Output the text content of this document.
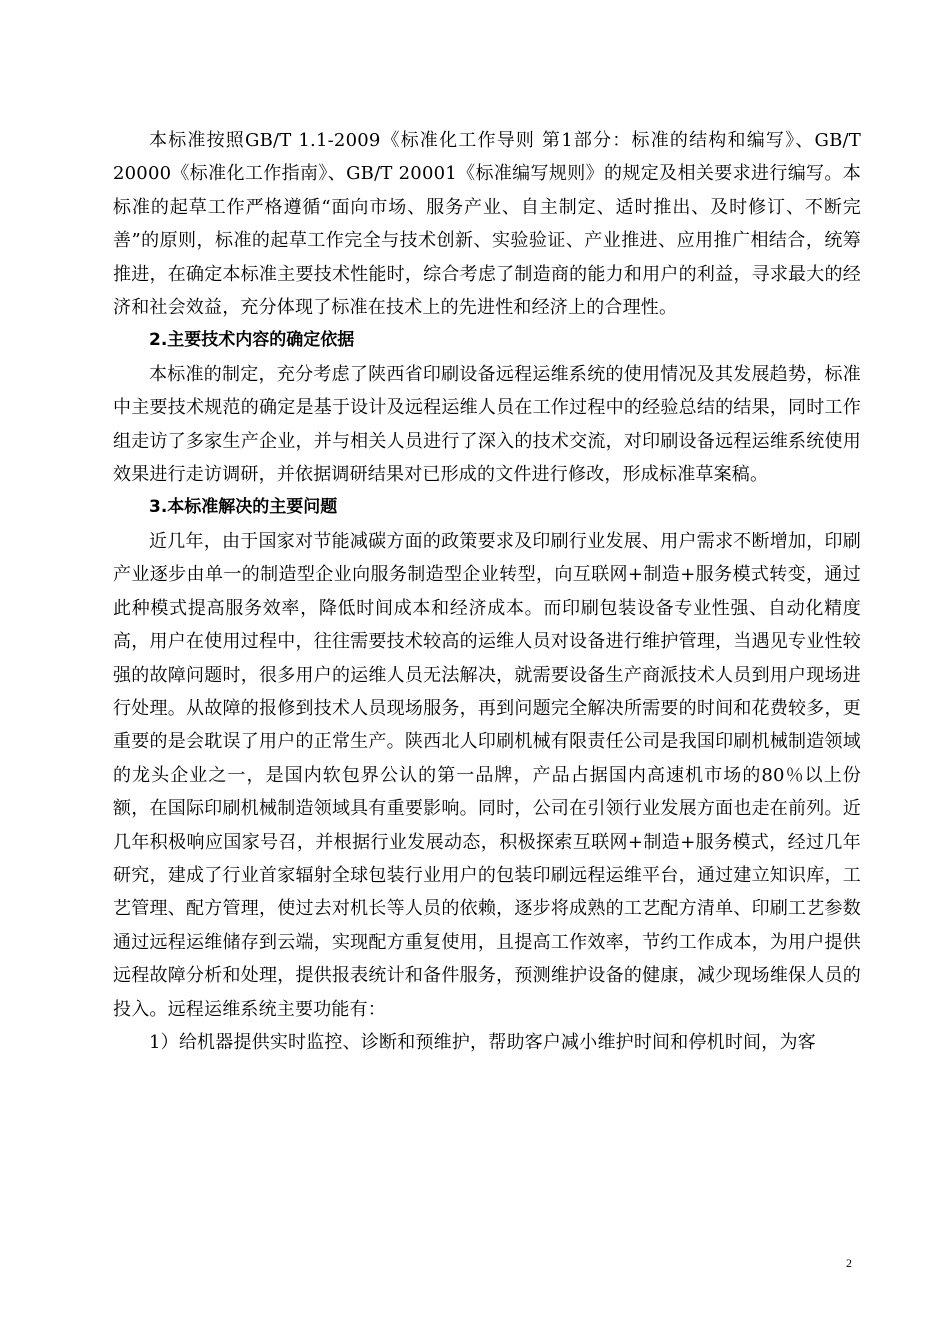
本标准按照GB/T 1.1-2009《标准化工作导则 第1部分：标准的结构和编写》、GB/T 20000《标准化工作指南》、GB/T 20001《标准编写规则》的规定及相关要求进行编写。本标准的起草工作严格遵循“面向市场、服务产业、自主制定、适时推出、及时修订、不断完善”的原则，标准的起草工作完全与技术创新、实验验证、产业推进、应用推广相结合，统筹推进，在确定本标准主要技术性能时，综合考虑了制造商的能力和用户的利益，寻求最大的经济和社会效益，充分体现了标准在技术上的先进性和经济上的合理性。

2.主要技术内容的确定依据

本标准的制定，充分考虑了陕西省印刷设备远程运维系统的使用情况及其发展趋势，标准中主要技术规范的确定是基于设计及远程运维人员在工作过程中的经验总结的结果，同时工作组走访了多家生产企业，并与相关人员进行了深入的技术交流，对印刷设备远程运维系统使用效果进行走访调研，并依据调研结果对已形成的文件进行修改，形成标准草案稿。

3.本标准解决的主要问题

近几年，由于国家对节能减碳方面的政策要求及印刷行业发展、用户需求不断增加，印刷产业逐步由单一的制造型企业向服务制造型企业转型，向互联网+制造+服务模式转变，通过此种模式提高服务效率，降低时间成本和经济成本。而印刷包装设备专业性强、自动化精度高，用户在使用过程中，往往需要技术较高的运维人员对设备进行维护管理，当遇见专业性较强的故障问题时，很多用户的运维人员无法解决，就需要设备生产商派技术人员到用户现场进行处理。从故障的报修到技术人员现场服务，再到问题完全解决所需要的时间和花费较多，更重要的是会耽误了用户的正常生产。陕西北人印刷机械有限责任公司是我国印刷机械制造领域的龙头企业之一，是国内软包界公认的第一品牌，产品占据国内高速机市场的80％以上份额，在国际印刷机械制造领域具有重要影响。同时，公司在引领行业发展方面也走在前列。近几年积极响应国家号召，并根据行业发展动态，积极探索互联网+制造+服务模式，经过几年研究，建成了行业首家辐射全球包装行业用户的包装印刷远程运维平台，通过建立知识库，工艺管理、配方管理，使过去对机长等人员的依赖，逐步将成熟的工艺配方清单、印刷工艺参数通过远程运维储存到云端，实现配方重复使用，且提高工作效率，节约工作成本，为用户提供远程故障分析和处理，提供报表统计和备件服务，预测维护设备的健康，减少现场维保人员的投入。远程运维系统主要功能有：

1）给机器提供实时监控、诊断和预维护，帮助客户减小维护时间和停机时间，为客

2
